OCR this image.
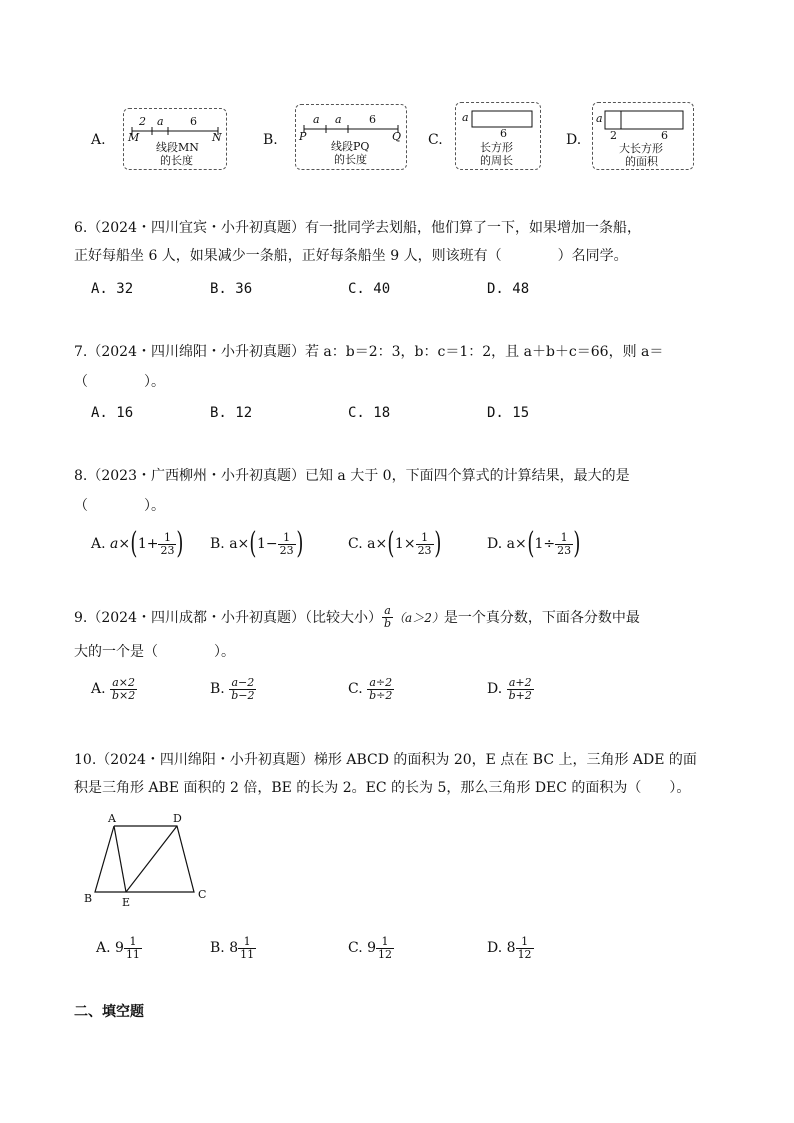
A.
2 a 6
M	N
线段MN
的长度
B.
a a 6
P	Q
线段PQ
的长度
C.
a
6
长方形
的周长
D.
a
2	6
大长方形
的面积
6.（2024・四川宜宾・小升初真题）有一批同学去划船，他们算了一下，如果增加一条船，
正好每船坐 6 人，如果减少一条船，正好每条船坐 9 人，则该班有（　　　　）名同学。
A. 32	B. 36	C. 40	D. 48
7.（2024・四川绵阳・小升初真题）若 a：b＝2：3，b：c＝1：2，且 a＋b＋c＝66，则 a＝
（　　　　）。
A. 16	B. 12	C. 18	D. 15
8.（2023・广西柳州・小升初真题）已知 a 大于 0，下面四个算式的计算结果，最大的是
（　　　　）。
A.
a× ( $1+ \frac{1}{23}$ ) B.
a× ( $1- \frac{1}{23}$ )	C.
a× ( $1\times \frac{1}{23}$ )	D.
a× ( $1\div \frac{1}{23}$ )
9.（2024・四川成都・小升初真题）（比较大小） $\frac{a}{b} (a>2)$ 是一个真分数，下面各分数中最
大的一个是（　　　　）。
A.
$\frac{a\times 2}{b\times 2}$	B.
$\frac{a-2}{b-2}$	C.
$\frac{a\div 2}{b\div 2}$	D.
$\frac{a+2}{b+2}$
10.（2024・四川绵阳・小升初真题）梯形 ABCD 的面积为 20，E 点在 BC 上，三角形 ADE 的面
积是三角形 ABE 面积的 2 倍，BE 的长为 2。EC 的长为 5，那么三角形 DEC 的面积为（　　）。
A	D
B	E
C
A.
$9 \frac{1}{11}$	B.
$8 \frac{1}{11}$	C.
$9 \frac{1}{12}$	D.
$8 \frac{1}{12}$
二、填空题
